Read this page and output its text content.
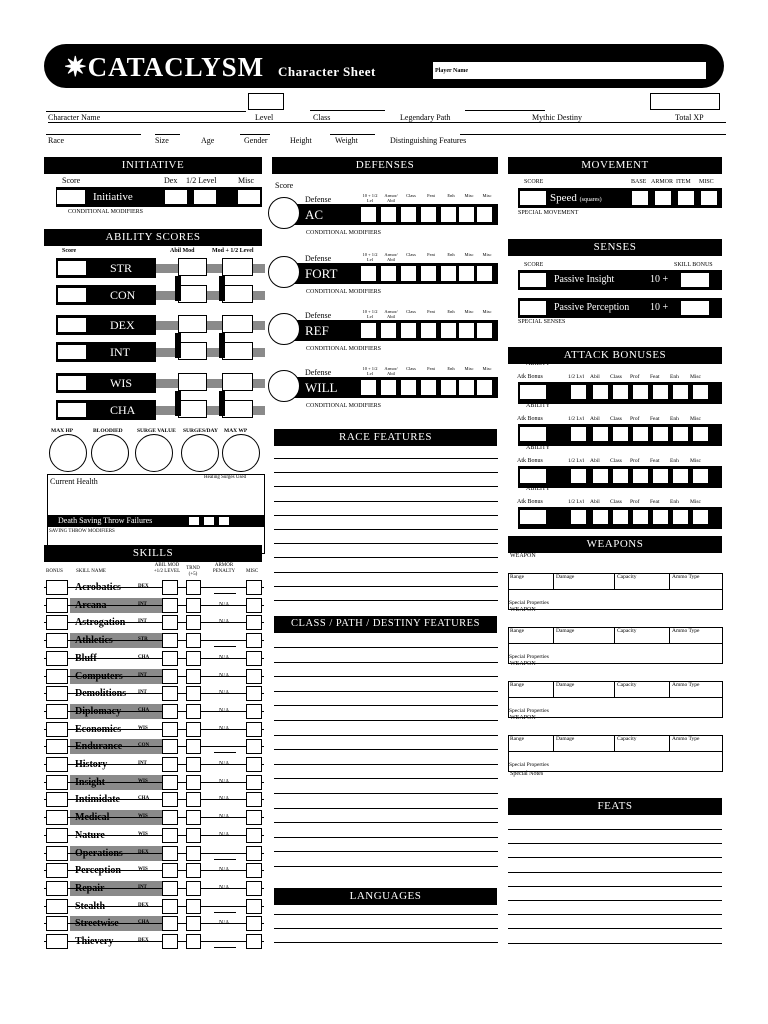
✷CATACLYSM Character Sheet	Player Name
Character Name	Level	Class	Legendary Path	Mythic Destiny	Total XP
Race	Size	Age	Gender	Height	Weight	Distinguishing Features
INITIATIVE
Score	Dex 1/2 Level	Misc
Initiative
CONDITIONAL MODIFIERS
ABILITY SCORES
Score	Abil Mod	Mod + 1/2 Level
Current Health	Healing Surges Used
Death Saving Throw Failures
SAVING THROW MODIFIERS
SKILLS
BONUS	SKILL NAME
ABIL MOD +1/2 LEVEL
TRND (+5)
ARMOR PENALTY	MISC
DEFENSES
Score
RACE FEATURES
CLASS / PATH / DESTINY FEATURES
LANGUAGES
MOVEMENT
SCORE	BASE ARMOR ITEM MISC
Speed (squares)
SPECIAL MOVEMENT
SENSES
SCORE	SKILL BONUS
Passive Insight	10 +
Passive Perception 10 +
SPECIAL SENSES
ATTACK BONUSES
WEAPONS
Special Notes
FEATS
STR
CON
DEX
INT
WIS
CHA
MAX HP	BLOODIED	SURGE VALUE SURGES/DAY MAX WP
Acrobatics	DEX
Arcana	INT	N/A
Astrogation	INT	N/A
Athletics	STR
Bluff	CHA	N/A
Computers	INT	N/A
Demolitions INT	N/A
Diplomacy	CHA	N/A
Economics	WIS	N/A
Endurance	CON
History	INT	N/A
Insight	WIS	N/A
Intimidate	CHA	N/A
Medical	WIS	N/A
Nature	WIS	N/A
Operations	DEX
Perception	WIS	N/A
Repair	INT	N/A
Stealth	DEX
Streetwise	CHA	N/A
Thievery	DEX
Defense	10 + 1/2 Lvl
Armor/ Abil
Class	Feat	Enh	Misc	Misc
AC
CONDITIONAL MODIFIERS
Defense	10 + 1/2 Lvl
Armor/ Abil
Class	Feat	Enh	Misc	Misc
FORT
CONDITIONAL MODIFIERS
Defense	10 + 1/2 Lvl
Armor/ Abil
Class	Feat	Enh	Misc	Misc
REF
CONDITIONAL MODIFIERS
Defense	10 + 1/2 Lvl
Armor/ Abil
Class	Feat	Enh	Misc	Misc
WILL
CONDITIONAL MODIFIERS
ABILITY
Atk Bonus	1/2 Lvl Abil Class Prof Feat Enh Misc
ABILITY
Atk Bonus	1/2 Lvl Abil Class Prof Feat Enh Misc
ABILITY
Atk Bonus	1/2 Lvl Abil Class Prof Feat Enh Misc
ABILITY
Atk Bonus	1/2 Lvl Abil Class Prof Feat Enh Misc
WEAPON
Range	Damage	Capacity	Ammo Type
Special Properties
WEAPON
Range	Damage	Capacity	Ammo Type
Special Properties
WEAPON
Range	Damage	Capacity	Ammo Type
Special Properties
WEAPON
Range	Damage	Capacity	Ammo Type
Special Properties
